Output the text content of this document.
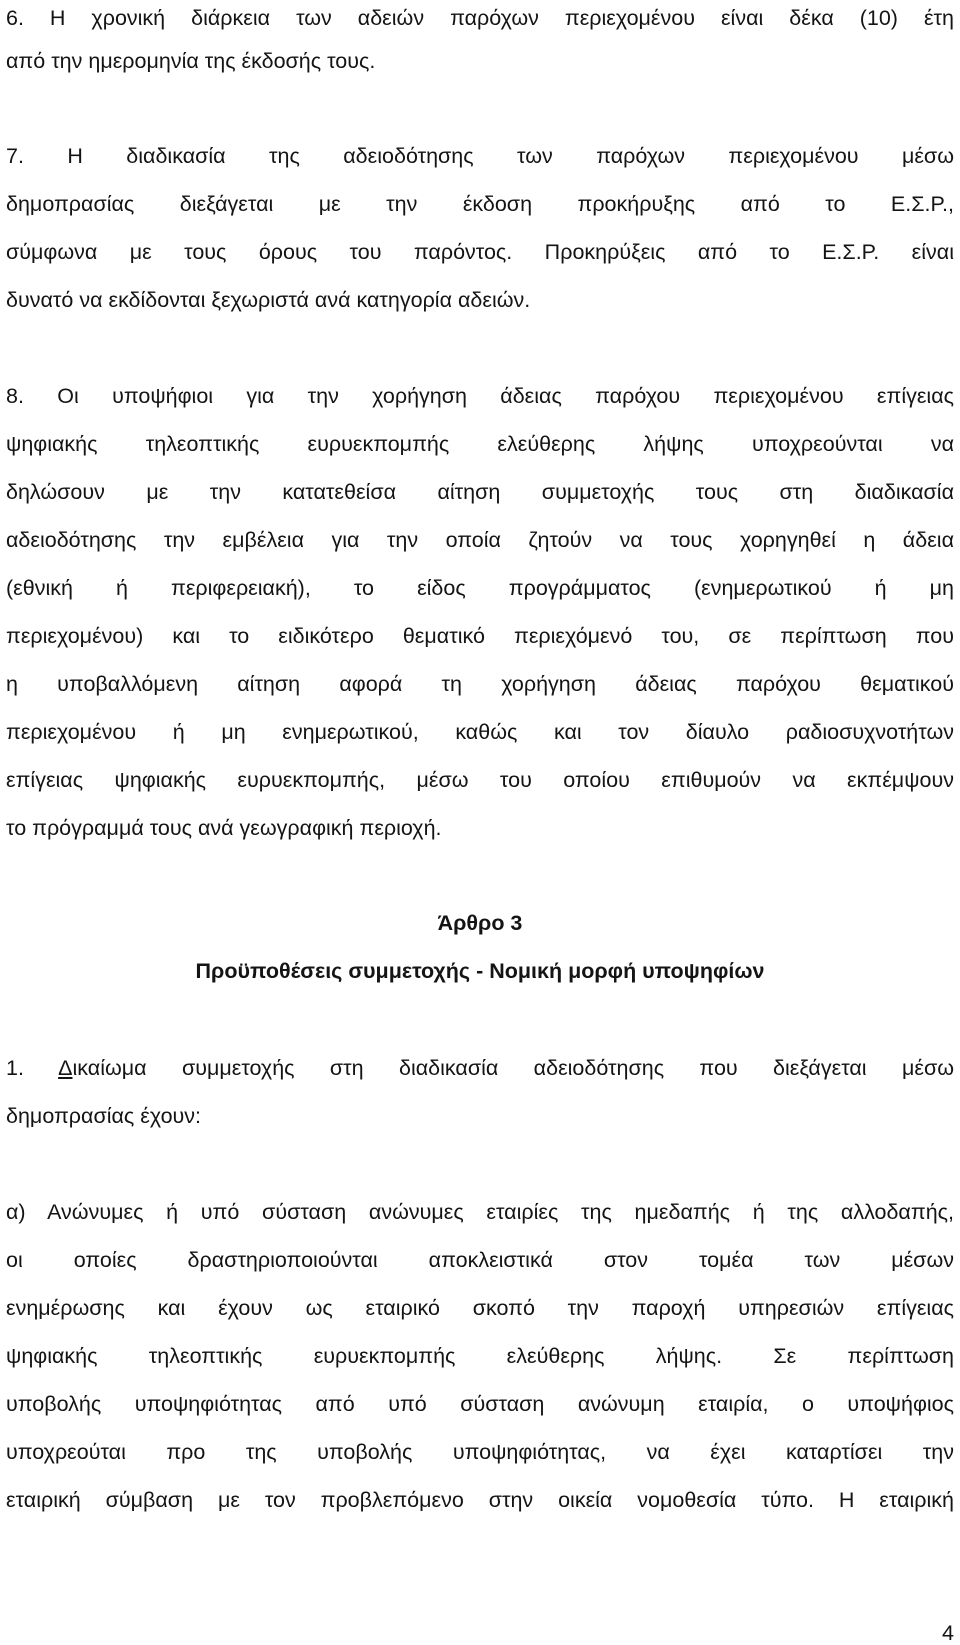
6. Η χρονική διάρκεια των αδειών παρόχων περιεχομένου είναι δέκα (10) έτη
από την ημερομηνία της έκδοσής τους.
7. Η διαδικασία της αδειοδότησης των παρόχων περιεχομένου μέσω
δημοπρασίας διεξάγεται με την έκδοση προκήρυξης από το Ε.Σ.Ρ.,
σύμφωνα με τους όρους του παρόντος. Προκηρύξεις από το Ε.Σ.Ρ. είναι
δυνατό να εκδίδονται ξεχωριστά ανά κατηγορία αδειών.
8. Οι υποψήφιοι για την χορήγηση άδειας παρόχου περιεχομένου επίγειας
ψηφιακής τηλεοπτικής ευρυεκπομπής ελεύθερης λήψης υποχρεούνται να
δηλώσουν με την κατατεθείσα αίτηση συμμετοχής τους στη διαδικασία
αδειοδότησης την εμβέλεια για την οποία ζητούν να τους χορηγηθεί η άδεια
(εθνική ή περιφερειακή), το είδος προγράμματος (ενημερωτικού ή μη
περιεχομένου) και το ειδικότερο θεματικό περιεχόμενό του, σε περίπτωση που
η υποβαλλόμενη αίτηση αφορά τη χορήγηση άδειας παρόχου θεματικού
περιεχομένου ή μη ενημερωτικού, καθώς και τον δίαυλο ραδιοσυχνοτήτων
επίγειας ψηφιακής ευρυεκπομπής, μέσω του οποίου επιθυμούν να εκπέμψουν
το πρόγραμμά τους ανά γεωγραφική περιοχή.
Άρθρο 3
Προϋποθέσεις συμμετοχής - Νομική μορφή υποψηφίων
1. Δικαίωμα συμμετοχής στη διαδικασία αδειοδότησης που διεξάγεται μέσω
δημοπρασίας έχουν:
α) Ανώνυμες ή υπό σύσταση ανώνυμες εταιρίες της ημεδαπής ή της αλλοδαπής,
οι οποίες δραστηριοποιούνται αποκλειστικά στον τομέα των μέσων
ενημέρωσης και έχουν ως εταιρικό σκοπό την παροχή υπηρεσιών επίγειας
ψηφιακής τηλεοπτικής ευρυεκπομπής ελεύθερης λήψης. Σε περίπτωση
υποβολής υποψηφιότητας από υπό σύσταση ανώνυμη εταιρία, ο υποψήφιος
υποχρεούται προ της υποβολής υποψηφιότητας, να έχει καταρτίσει την
εταιρική σύμβαση με τον προβλεπόμενο στην οικεία νομοθεσία τύπο. Η εταιρική
4
